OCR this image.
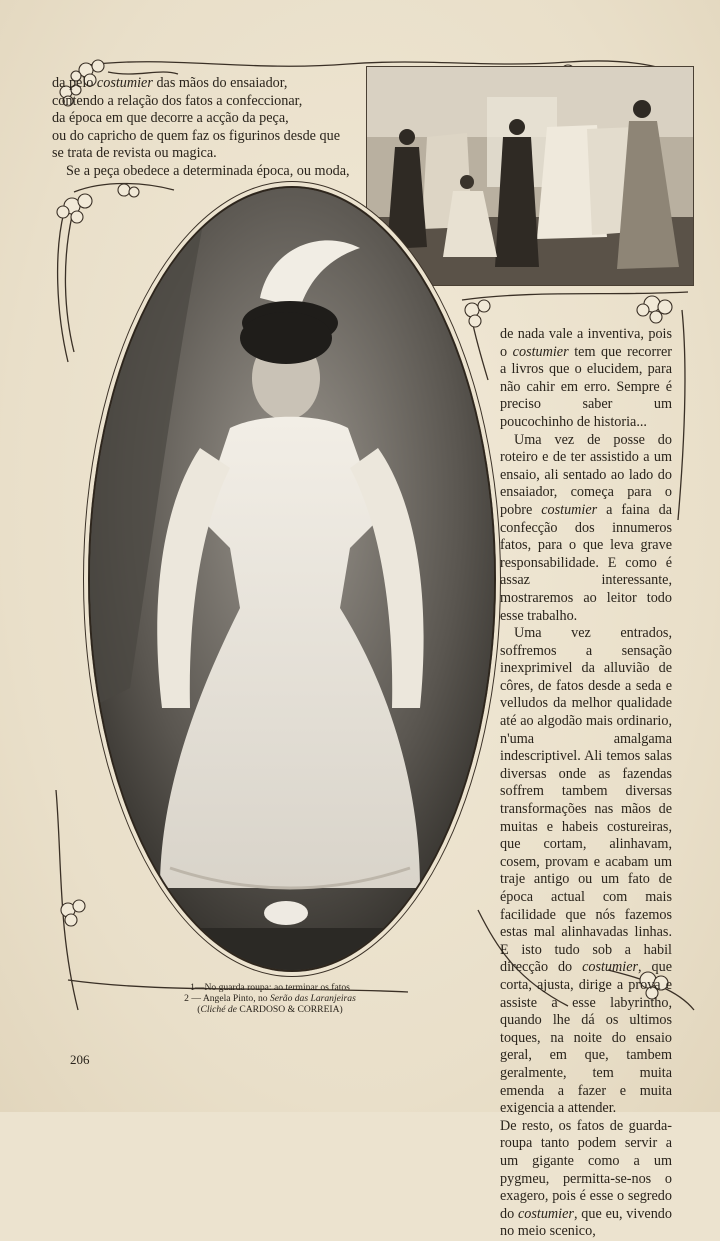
da pelo costumier das mãos do ensaiador,
contendo a relação dos fatos a confeccionar,
da época em que decorre a acção da peça,
ou do capricho de quem faz os figurinos desde que
se trata de revista ou magica.
Se a peça obedece a determinada época, ou moda,

de nada vale a inventiva, pois o costumier tem que recorrer a livros que o elucidem, para não cahir em erro. Sempre é preciso saber um poucochinho de historia...

Uma vez de posse do roteiro e de ter assistido a um ensaio, ali sentado ao lado do ensaiador, começa para o pobre costumier a faina da confecção dos innumeros fatos, para o que leva grave responsabilidade. E como é assaz interessante, mostraremos ao leitor todo esse trabalho.

Uma vez entrados, soffremos a sensação inexprimivel da alluvião de côres, de fatos desde a seda e velludos da melhor qualidade até ao algodão mais ordinario, n'uma amalgama indescriptivel. Ali temos salas diversas onde as fazendas soffrem tambem diversas transformações nas mãos de muitas e habeis costureiras, que cortam, alinhavam, cosem, provam e acabam um traje antigo ou um fato de época actual com mais facilidade que nós fazemos estas mal alinhavadas linhas. E isto tudo sob a habil direcção do costumier, que corta, ajusta, dirige a prova e assiste a esse labyrintho, quando lhe dá os ultimos toques, na noite do ensaio geral, em que, tambem geralmente, tem muita emenda a fazer e muita exigencia a attender.

De resto, os fatos de guarda-roupa tanto podem servir a um gigante como a um pygmeu, permitta-se-nos o exagero, pois é esse o segredo do costumier, que eu, vivendo no meio scenico,

1—No guarda roupa: ao terminar os fatos
2 — Angela Pinto, no Serão das Laranjeiras
(Cliché de CARDOSO & CORREIA)
206
